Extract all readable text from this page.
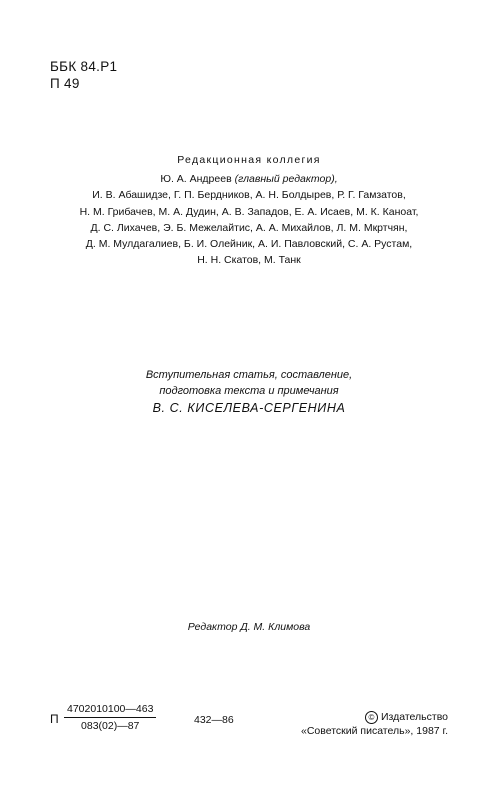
ББК 84.Р1
П 49
Редакционная коллегия
Ю. А. Андреев (главный редактор),
И. В. Абашидзе, Г. П. Бердников, А. Н. Болдырев, Р. Г. Гамзатов,
Н. М. Грибачев, М. А. Дудин, А. В. Западов, Е. А. Исаев, М. К. Каноат,
Д. С. Лихачев, Э. Б. Межелайтис, А. А. Михайлов, Л. М. Мкртчян,
Д. М. Мулдагалиев, Б. И. Олейник, А. И. Павловский, С. А. Рустам,
Н. Н. Скатов, М. Танк
Вступительная статья, составление,
подготовка текста и примечания
В. С. КИСЕЛЕВА-СЕРГЕНИНА
Редактор Д. М. Климова
П $\frac{4702010100—463}{083(02)—87}$	432—86	© Издательство
«Советский писатель», 1987 г.
